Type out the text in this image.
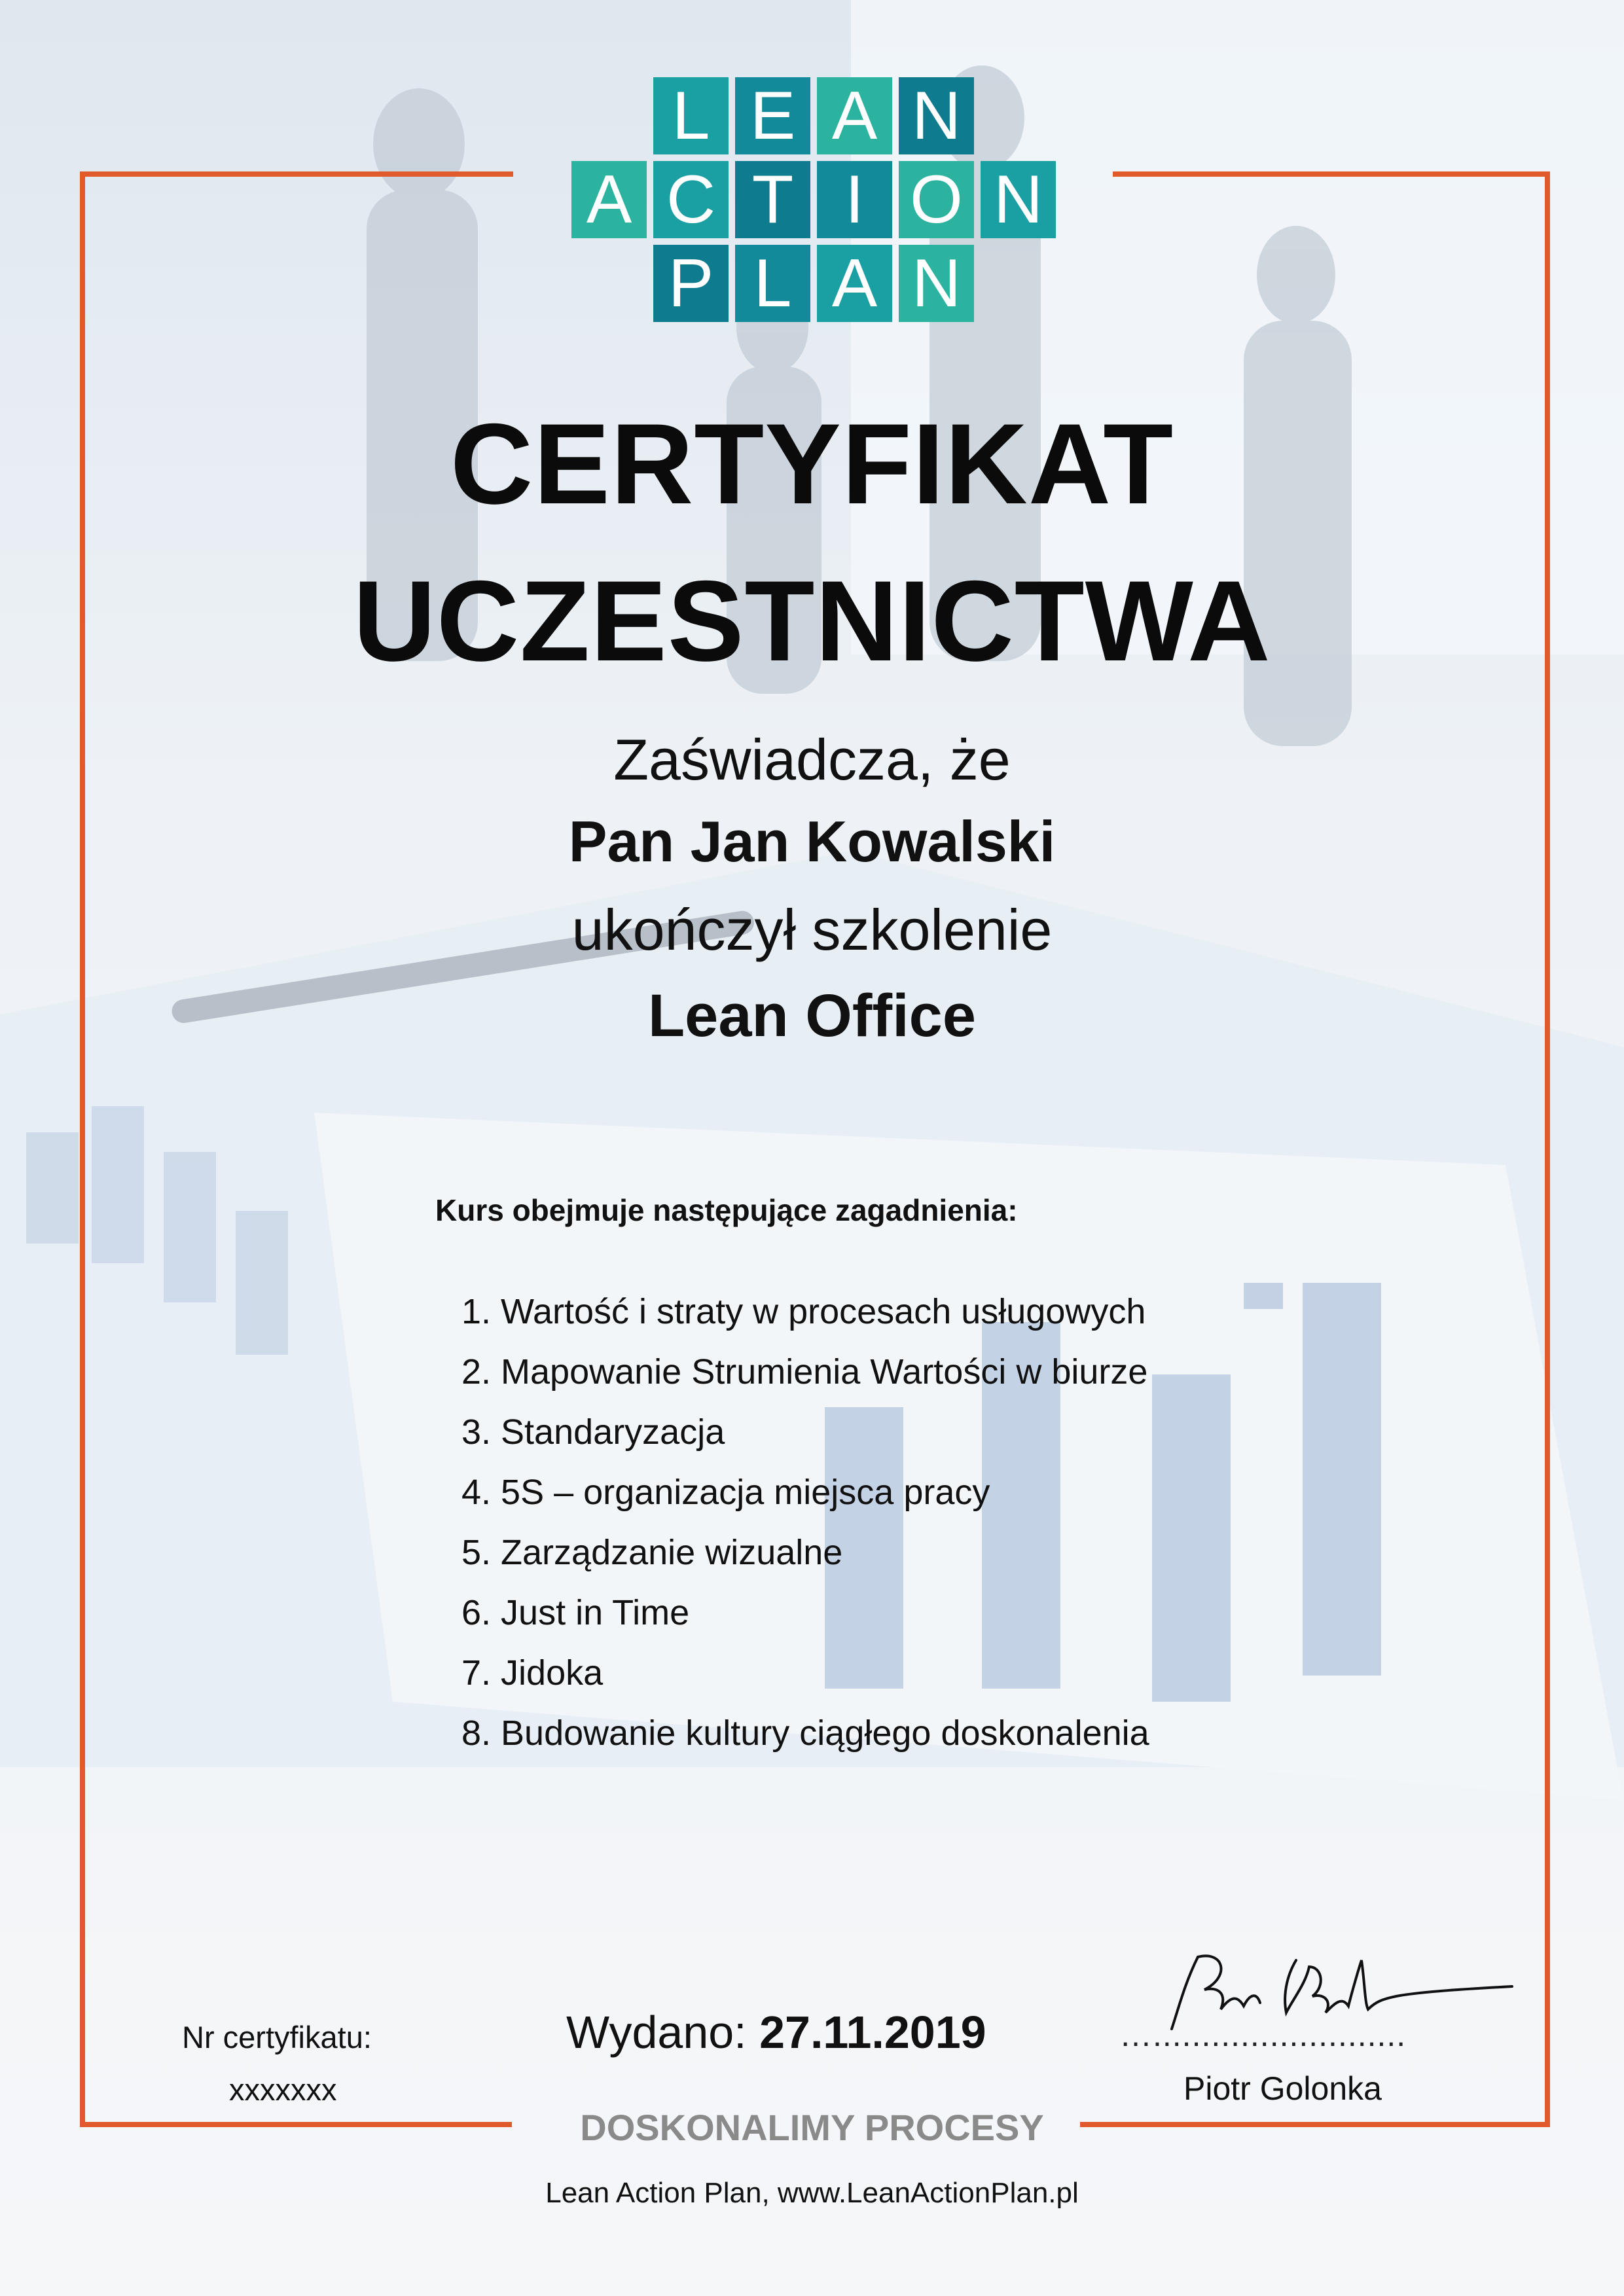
L E A N
A C T I O N
P L A N
CERTYFIKAT
UCZESTNICTWA
Zaświadcza, że
Pan Jan Kowalski
ukończył szkolenie
Lean Office
Kurs obejmuje następujące zagadnienia:
1. Wartość i straty w procesach usługowych
2. Mapowanie Strumienia Wartości w biurze
3. Standaryzacja
4. 5S – organizacja miejsca pracy
5. Zarządzanie wizualne
6. Just in Time
7. Jidoka
8. Budowanie kultury ciągłego doskonalenia
Nr certyfikatu:
xxxxxxx
Wydano: 27.11.2019	…..........................
Piotr Golonka
DOSKONALIMY PROCESY
Lean Action Plan, www.LeanActionPlan.pl
